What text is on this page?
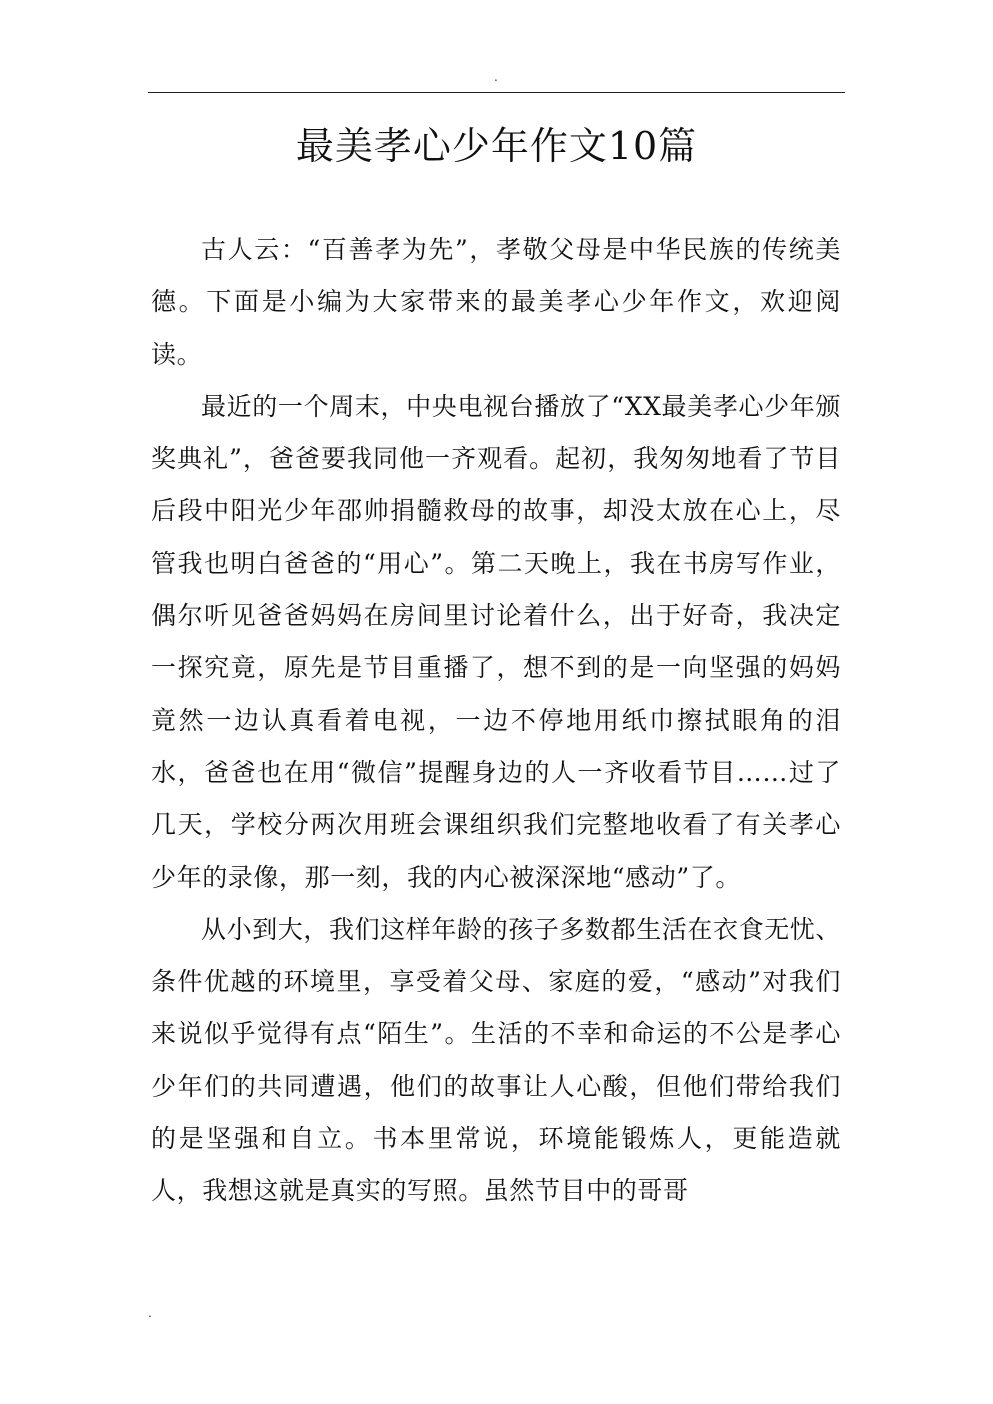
.
最美孝心少年作文10篇

古人云：“百善孝为先”，孝敬父母是中华民族的传统美德。下面是小编为大家带来的最美孝心少年作文，欢迎阅读。

最近的一个周末，中央电视台播放了“XX最美孝心少年颁奖典礼”，爸爸要我同他一齐观看。起初，我匆匆地看了节目后段中阳光少年邵帅捐髓救母的故事，却没太放在心上，尽管我也明白爸爸的“用心”。第二天晚上，我在书房写作业，偶尔听见爸爸妈妈在房间里讨论着什么，出于好奇，我决定一探究竟，原先是节目重播了，想不到的是一向坚强的妈妈竟然一边认真看着电视，一边不停地用纸巾擦拭眼角的泪水，爸爸也在用“微信”提醒身边的人一齐收看节目……过了几天，学校分两次用班会课组织我们完整地收看了有关孝心少年的录像，那一刻，我的内心被深深地“感动”了。

从小到大，我们这样年龄的孩子多数都生活在衣食无忧、条件优越的环境里，享受着父母、家庭的爱，“感动”对我们来说似乎觉得有点“陌生”。生活的不幸和命运的不公是孝心少年们的共同遭遇，他们的故事让人心酸，但他们带给我们的是坚强和自立。书本里常说，环境能锻炼人，更能造就人，我想这就是真实的写照。虽然节目中的哥哥

.
